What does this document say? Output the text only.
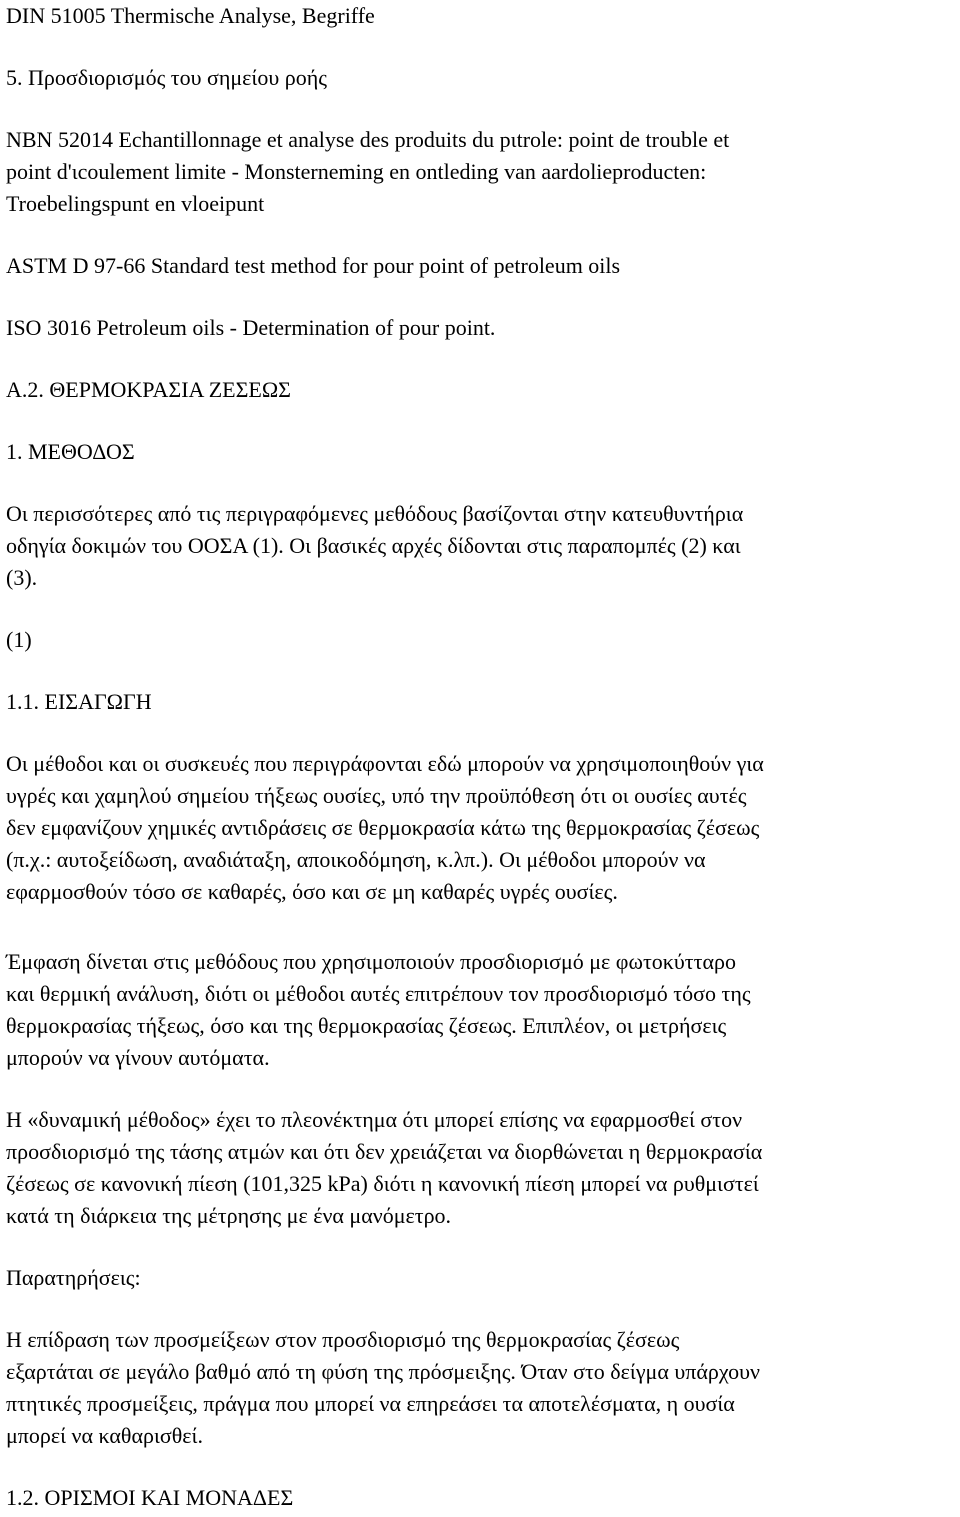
DIN 51005 Thermische Analyse, Begriffe
5. Προσδιορισμός του σημείου ροής
NBN 52014 Echantillonnage et analyse des produits du pιtrole: point de trouble et
point d'ιcoulement limite - Monsterneming en ontleding van aardolieproducten:
Troebelingspunt en vloeipunt
ASTM D 97-66 Standard test method for pour point of petroleum oils
ISO 3016 Petroleum oils - Determination of pour point.
A.2. ΘΕΡΜΟΚΡΑΣΙΑ ΖΕΣΕΩΣ
1. ΜΕΘΟΔΟΣ
Οι περισσότερες από τις περιγραφόμενες μεθόδους βασίζονται στην κατευθυντήρια
οδηγία δοκιμών του ΟΟΣΑ (1). Οι βασικές αρχές δίδονται στις παραπομπές (2) και
(3).
(1)
1.1. ΕΙΣΑΓΩΓΗ
Οι μέθοδοι και οι συσκευές που περιγράφονται εδώ μπορούν να χρησιμοποιηθούν για
υγρές και χαμηλού σημείου τήξεως ουσίες, υπό την προϋπόθεση ότι οι ουσίες αυτές
δεν εμφανίζουν χημικές αντιδράσεις σε θερμοκρασία κάτω της θερμοκρασίας ζέσεως
(π.χ.: αυτοξείδωση, αναδιάταξη, αποικοδόμηση, κ.λπ.). Οι μέθοδοι μπορούν να
εφαρμοσθούν τόσο σε καθαρές, όσο και σε μη καθαρές υγρές ουσίες.
Έμφαση δίνεται στις μεθόδους που χρησιμοποιούν προσδιορισμό με φωτοκύτταρο
και θερμική ανάλυση, διότι οι μέθοδοι αυτές επιτρέπουν τον προσδιορισμό τόσο της
θερμοκρασίας τήξεως, όσο και της θερμοκρασίας ζέσεως. Επιπλέον, οι μετρήσεις
μπορούν να γίνουν αυτόματα.
Η «δυναμική μέθοδος» έχει το πλεονέκτημα ότι μπορεί επίσης να εφαρμοσθεί στον
προσδιορισμό της τάσης ατμών και ότι δεν χρειάζεται να διορθώνεται η θερμοκρασία
ζέσεως σε κανονική πίεση (101,325 kPa) διότι η κανονική πίεση μπορεί να ρυθμιστεί
κατά τη διάρκεια της μέτρησης με ένα μανόμετρο.
Παρατηρήσεις:
Η επίδραση των προσμείξεων στον προσδιορισμό της θερμοκρασίας ζέσεως
εξαρτάται σε μεγάλο βαθμό από τη φύση της πρόσμειξης. Όταν στο δείγμα υπάρχουν
πτητικές προσμείξεις, πράγμα που μπορεί να επηρεάσει τα αποτελέσματα, η ουσία
μπορεί να καθαρισθεί.
1.2. ΟΡΙΣΜΟΙ ΚΑΙ ΜΟΝΑΔΕΣ
